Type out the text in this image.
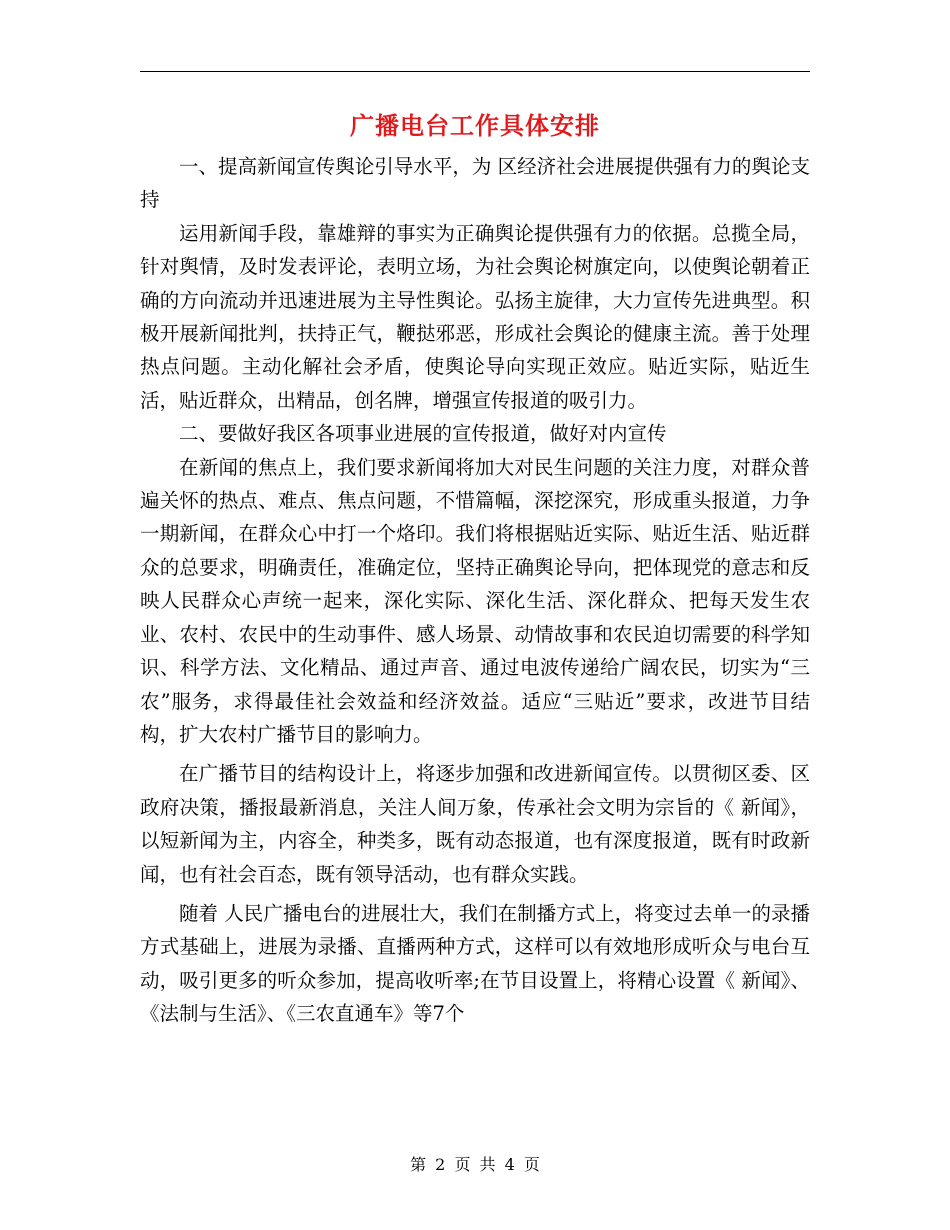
广播电台工作具体安排

一、提高新闻宣传舆论引导水平，为 区经济社会进展提供强有力的舆论支持

运用新闻手段，靠雄辩的事实为正确舆论提供强有力的依据。总揽全局，针对舆情，及时发表评论，表明立场，为社会舆论树旗定向，以使舆论朝着正确的方向流动并迅速进展为主导性舆论。弘扬主旋律，大力宣传先进典型。积极开展新闻批判，扶持正气，鞭挞邪恶，形成社会舆论的健康主流。善于处理热点问题。主动化解社会矛盾，使舆论导向实现正效应。贴近实际，贴近生活，贴近群众，出精品，创名牌，增强宣传报道的吸引力。

二、要做好我区各项事业进展的宣传报道，做好对内宣传

在新闻的焦点上，我们要求新闻将加大对民生问题的关注力度，对群众普遍关怀的热点、难点、焦点问题，不惜篇幅，深挖深究，形成重头报道，力争一期新闻，在群众心中打一个烙印。我们将根据贴近实际、贴近生活、贴近群众的总要求，明确责任，准确定位，坚持正确舆论导向，把体现党的意志和反映人民群众心声统一起来，深化实际、深化生活、深化群众、把每天发生农业、农村、农民中的生动事件、感人场景、动情故事和农民迫切需要的科学知识、科学方法、文化精品、通过声音、通过电波传递给广阔农民，切实为“三农”服务，求得最佳社会效益和经济效益。适应“三贴近”要求，改进节目结构，扩大农村广播节目的影响力。

在广播节目的结构设计上，将逐步加强和改进新闻宣传。以贯彻区委、区政府决策，播报最新消息，关注人间万象，传承社会文明为宗旨的《 新闻》，以短新闻为主，内容全，种类多，既有动态报道，也有深度报道，既有时政新闻，也有社会百态，既有领导活动，也有群众实践。

随着 人民广播电台的进展壮大，我们在制播方式上，将变过去单一的录播方式基础上，进展为录播、直播两种方式，这样可以有效地形成听众与电台互动，吸引更多的听众参加，提高收听率;在节目设置上，将精心设置《 新闻》、《法制与生活》、《三农直通车》等7个

第 2 页 共 4 页
